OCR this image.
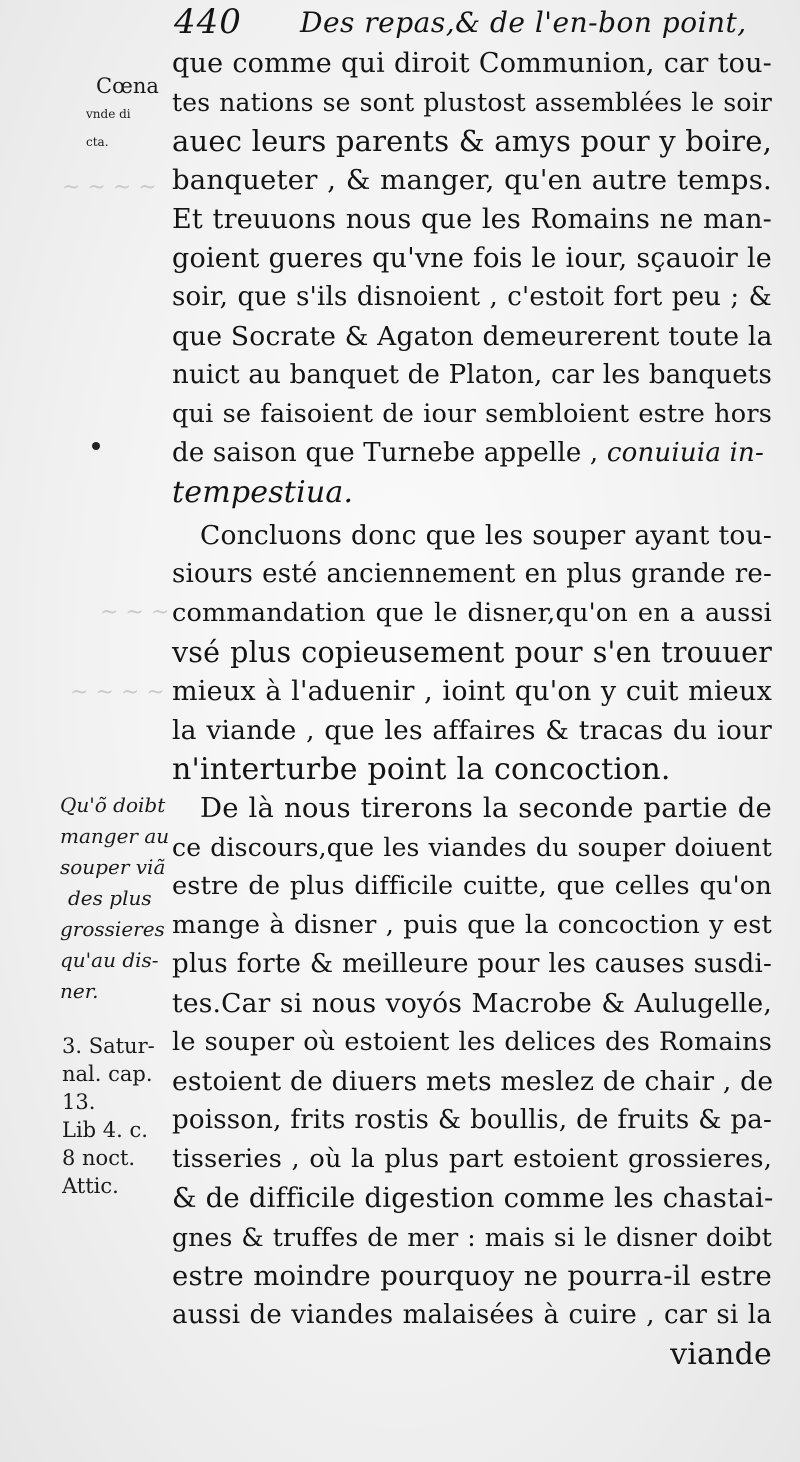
~ ~ ~ ~
~ ~ ~
~ ~ ~ ~
440 Des repas,& de l'en-bon point,
Cœna
vnde di
cta.
Qu'õ doibt
manger au
souper viã
des plus
grossieres
qu'au dis-
ner.
3. Satur-
nal. cap.
13.
Lib 4. c.
8 noct.
Attic.
que comme qui diroit Communion, car tou-
tes nations se sont plustost assemblées le soir
auec leurs parents & amys pour y boire,
banqueter , & manger, qu'en autre temps.
Et treuuons nous que les Romains ne man-
goient gueres qu'vne fois le iour, sçauoir le
soir, que s'ils disnoient , c'estoit fort peu ; &
que Socrate & Agaton demeurerent toute la
nuict au banquet de Platon, car les banquets
qui se faisoient de iour sembloient estre hors
de saison que Turnebe appelle , conuiuia in-
tempestiua.
Concluons donc que les souper ayant tou-
siours esté anciennement en plus grande re-
commandation que le disner,qu'on en a aussi
vsé plus copieusement pour s'en trouuer
mieux à l'aduenir , ioint qu'on y cuit mieux
la viande , que les affaires & tracas du iour
n'interturbe point la concoction.
De là nous tirerons la seconde partie de
ce discours,que les viandes du souper doiuent
estre de plus difficile cuitte, que celles qu'on
mange à disner , puis que la concoction y est
plus forte & meilleure pour les causes susdi-
tes.Car si nous voyós Macrobe & Aulugelle,
le souper où estoient les delices des Romains
estoient de diuers mets meslez de chair , de
poisson, frits rostis & boullis, de fruits & pa-
tisseries , où la plus part estoient grossieres,
& de difficile digestion comme les chastai-
gnes & truffes de mer : mais si le disner doibt
estre moindre pourquoy ne pourra-il estre
aussi de viandes malaisées à cuire , car si la
viande
